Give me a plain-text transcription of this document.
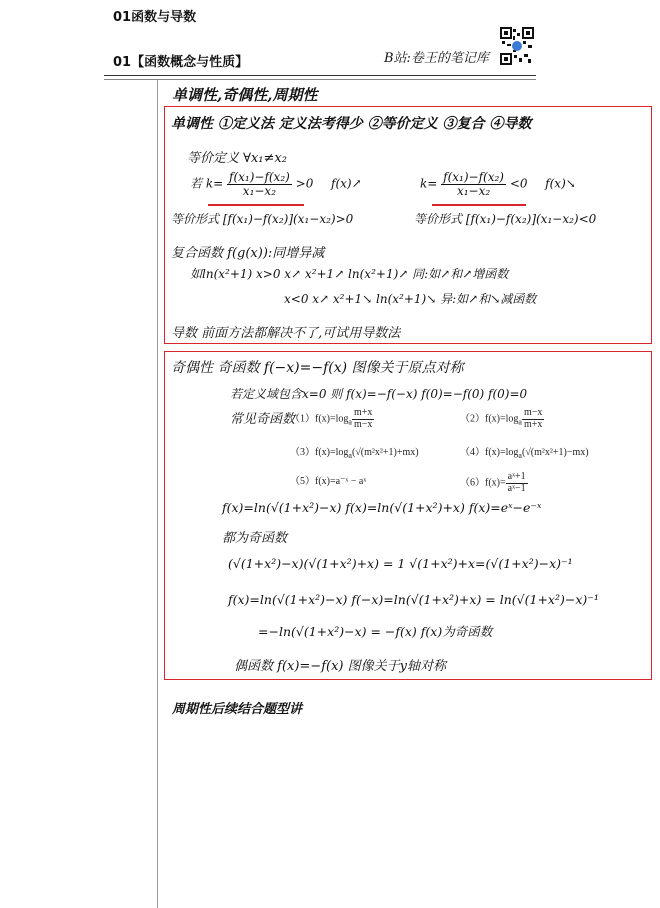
01函数与导数
01【函数概念与性质】	B站:卷王的笔记库
单调性,奇偶性,周期性
单调性 ①定义法 定义法考得少 ②等价定义 ③复合 ④导数
等价定义 ∀x₁≠x₂
若 $k= \frac{\text{f(x₁)−f(x₂)}}{\text{x₁−x₂}} >0$ f(x)↗	$k= \frac{\text{f(x₁)−f(x₂)}}{\text{x₁−x₂}} <0$ f(x)↘
等价形式 [f(x₁)−f(x₂)](x₁−x₂)>0	等价形式 [f(x₁)−f(x₂)](x₁−x₂)<0
复合函数 f(g(x)):同增异减
如ln(x²+1) x>0 x↗ x²+1↗ ln(x²+1)↗ 同:如↗和↗增函数
x<0 x↗ x²+1↘ ln(x²+1)↘ 异:如↗和↘减函数
导数 前面方法都解决不了,可试用导数法
奇偶性 奇函数 f(−x)=−f(x) 图像关于原点对称
若定义域包含x=0 则 f(x)=−f(−x) f(0)=−f(0) f(0)=0
常见奇函数
$(1)f(x)=\log_a \frac{m+x}{m-x}$	$(2)f(x)=\log_a \frac{m-x}{m+x}$
$(3)f(x)=\log_a(√(m^2x^2+1)+mx)$	$(4)f(x)=\log_a(√(m^2x^2+1)-mx)$
（5）f(x)=a⁻ˣ − aˣ	$(6)f(x)= \frac{\text{aˣ+1}}{\text{aˣ−1}}$
f(x)=ln(√(1+x²)−x) f(x)=ln(√(1+x²)+x) f(x)=eˣ−e⁻ˣ
都为奇函数
(√(1+x²)−x)(√(1+x²)+x) = 1 √(1+x²)+x=(√(1+x²)−x)⁻¹
f(x)=ln(√(1+x²)−x) f(−x)=ln(√(1+x²)+x) = ln(√(1+x²)−x)⁻¹
=−ln(√(1+x²)−x) = −f(x) f(x)为奇函数
偶函数 f(x)=−f(x) 图像关于y轴对称
周期性后续结合题型讲
